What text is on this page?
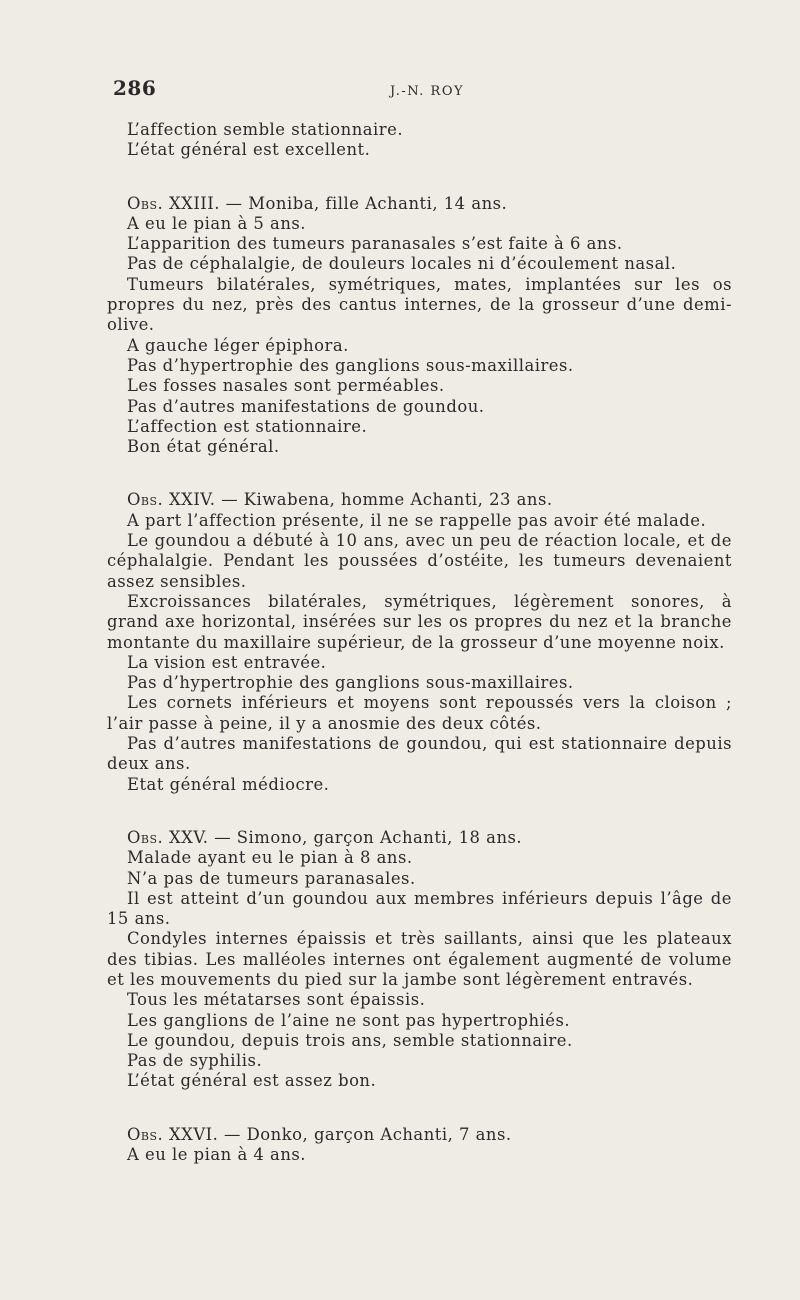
286	J.-N. ROY

L’affection semble stationnaire.

L’état général est excellent.

Obs. XXIII. — Moniba, fille Achanti, 14 ans.

A eu le pian à 5 ans.

L’apparition des tumeurs paranasales s’est faite à 6 ans.

Pas de céphalalgie, de douleurs locales ni d’écoulement nasal.

Tumeurs bilatérales, symétriques, mates, implantées sur les os propres du nez, près des cantus internes, de la grosseur d’une demi-olive.

A gauche léger épiphora.

Pas d’hypertrophie des ganglions sous-maxillaires.

Les fosses nasales sont perméables.

Pas d’autres manifestations de goundou.

L’affection est stationnaire.

Bon état général.

Obs. XXIV. — Kiwabena, homme Achanti, 23 ans.

A part l’affection présente, il ne se rappelle pas avoir été malade.

Le goundou a débuté à 10 ans, avec un peu de réaction locale, et de céphalalgie. Pendant les poussées d’ostéite, les tumeurs devenaient assez sensibles.

Excroissances bilatérales, symétriques, légèrement sonores, à grand axe horizontal, insérées sur les os propres du nez et la branche montante du maxillaire supérieur, de la grosseur d’une moyenne noix.

La vision est entravée.

Pas d’hypertrophie des ganglions sous-maxillaires.

Les cornets inférieurs et moyens sont repoussés vers la cloison ; l’air passe à peine, il y a anosmie des deux côtés.

Pas d’autres manifestations de goundou, qui est stationnaire depuis deux ans.

Etat général médiocre.

Obs. XXV. — Simono, garçon Achanti, 18 ans.

Malade ayant eu le pian à 8 ans.

N’a pas de tumeurs paranasales.

Il est atteint d’un goundou aux membres inférieurs depuis l’âge de 15 ans.

Condyles internes épaissis et très saillants, ainsi que les plateaux des tibias. Les malléoles internes ont également augmenté de volume et les mouvements du pied sur la jambe sont légèrement entravés.

Tous les métatarses sont épaissis.

Les ganglions de l’aine ne sont pas hypertrophiés.

Le goundou, depuis trois ans, semble stationnaire.

Pas de syphilis.

L’état général est assez bon.

Obs. XXVI. — Donko, garçon Achanti, 7 ans.

A eu le pian à 4 ans.
